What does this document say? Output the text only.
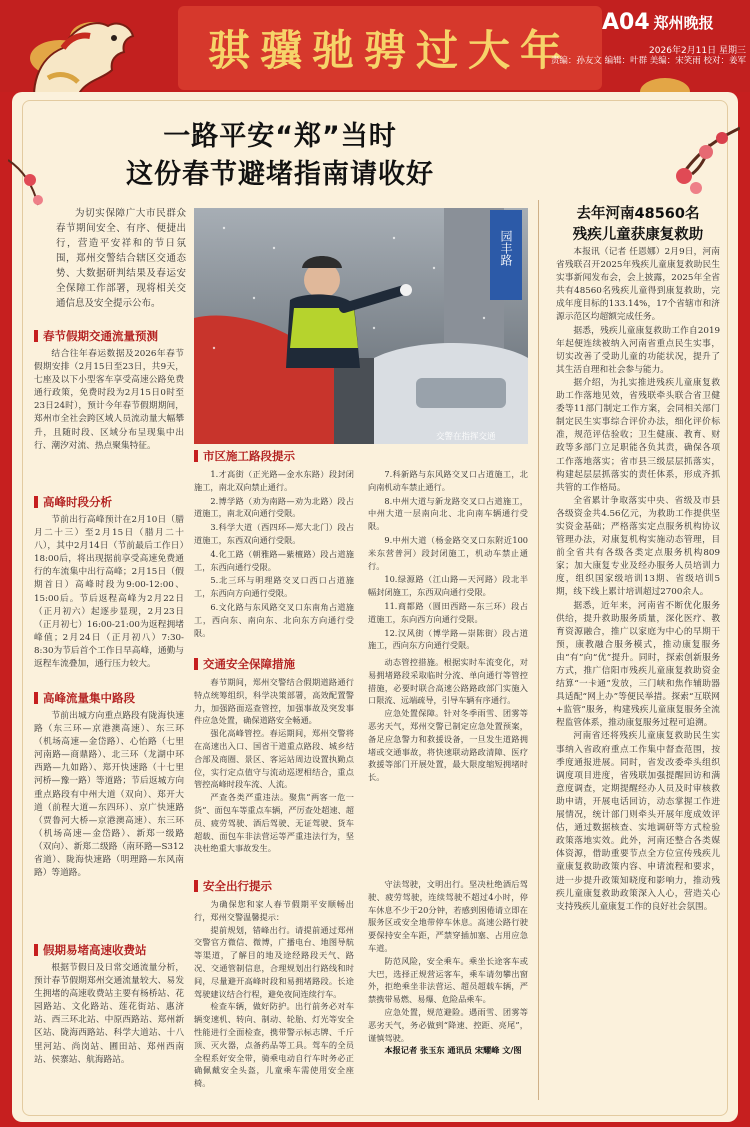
骐骥驰骋过大年
A04 郑州晚报
2026年2月11日 星期三
责编：孙友文 编辑：叶群 美编：宋笑雨 校对：姜军
一路平安“郑”当时
这份春节避堵指南请收好
为切实保障广大市民群众春节期间安全、有序、便捷出行，营造平安祥和的节日氛围，郑州交警结合辖区交通态势、大数据研判结果及春运安全保障工作部署，现将相关交通信息及安全提示公布。
园丰路
交警在指挥交通
春节假期交通流量预测

结合往年春运数据及2026年春节假期安排（2月15日至23日，共9天，七座及以下小型客车享受高速公路免费通行政策，免费时段为2月15日0时至23日24时），预计今年春节假期期间，郑州市全社会跨区域人员流动量大幅攀升，且随时段、区域分布呈现集中出行、潮汐对流、热点聚集特征。

高峰时段分析

节前出行高峰预计在2月10日（腊月二十三）至2月15日（腊月二十八），其中2月14日（节前最后工作日）18:00后，将出现据前享受高速免费通行的车流集中出行高峰；2月15日（假期首日）高峰时段为9:00-12:00、15:00后。节后返程高峰为2月22日（正月初六）起逐步显现，2月23日（正月初七）16:00-21:00为返程拥堵峰值；2月24日（正月初八）7:30-8:30为节后首个工作日早高峰，通勤与返程车流叠加，通行压力较大。

高峰流量集中路段

节前出城方向重点路段有陇海快速路（东三环—京港澳高速）、东三环（机场高速—金岱路）、心怡路（七里河南路—商鼎路）、北三环（龙湖中环西路—九如路）、郑开快速路（十七里河桥—豫一路）等道路；节后返城方向重点路段有中州大道（双向）、郑开大道（前程大道—东四环）、京广快速路（贾鲁河大桥—京港澳高速）、东三环（机场高速—金岱路）、新郑一级路（双向）、新郑二级路（南环路—S312省道）、陇海快速路（明理路—东风南路）等道路。

假期易堵高速收费站

根据节假日及日常交通流量分析，预计春节假期郑州交通流量较大、易发生拥堵的高速收费站主要有杨桥站、花园路站、文化路站、莲花街站、惠济站、西三环北站、中原西路站、郑州新区站、陇海西路站、科学大道站、十八里河站、尚岗站、圃田站、郑州西南站、侯寨站、航海路站。

市区施工路段提示

1.才高街（正光路—金水东路）段封闭施工，南北双向禁止通行。

2.博学路（劝为南路—劝为北路）段占道施工，南北双向通行受限。

3.科学大道（西四环—郑大北门）段占道施工，东西双向通行受限。

4.化工路（朝雅路—紫檀路）段占道施工，东西向通行受限。

5.北三环与明理路交叉口西口占道施工，东西向方向通行受限。

6.文化路与东风路交叉口东南角占道施工，西向东、南向东、北向东方向通行受限。

7.科新路与东风路交叉口占道施工，北向南机动车禁止通行。

8.中州大道与新龙路交叉口占道施工，中州大道一层南向北、北向南车辆通行受限。

9.中州大道（杨金路交叉口东附近100米东营普河）段封闭施工，机动车禁止通行。

10.绿源路（江山路—天河路）段北半幅封闭施工，东西双向通行受限。

11.商都路（圆田西路—东三环）段占道施工，东向西方向通行受限。

12.汉风街（博学路—崇陈街）段占道施工，西向东方向通行受限。

交通安全保障措施

春节期间，郑州交警结合假期道路通行特点统筹组织，科学决策部署，高效配置警力，加强路面巡查管控，加强事故及突发事件应急处置，确保道路安全畅通。

强化高峰管控。春运期间，郑州交警将在高速出入口、国省干道重点路段、城乡结合部及商圈、景区、客运站周边设置执勤点位，实行定点值守与流动巡逻相结合，重点管控高峰时段车流、人流。

严查各类严重违法。聚焦“两客一危一货”、面包车等重点车辆，严厉查处超速、超员、疲劳驾驶、酒后驾驶、无证驾驶、货车超载、面包车非法营运等严重违法行为，坚决杜绝重大事故发生。

动态管控措施。根据实时车流变化，对易拥堵路段采取临时分流、单向通行等管控措施，必要时联合高速公路路政部门实施入口限流、远端疏导，引导车辆有序通行。

应急处置保障。针对冬季雨雪、团雾等恶劣天气，郑州交警已制定应急处置预案，备足应急警力和救援设备，一旦发生道路拥堵或交通事故，将快速联动路政清障、医疗救援等部门开展处置，最大限度缩短拥堵时长。

安全出行提示

为确保您和家人春节假期平安顺畅出行，郑州交警温馨提示：

提前规划，错峰出行。请提前通过郑州交警官方微信、微博，广播电台、地图导航等渠道，了解目的地及途经路段天气、路况、交通管制信息，合理规划出行路线和时间，尽量避开高峰时段和易拥堵路段。长途驾驶建议结合行程，避免夜间连续行车。

检查车辆，做好防护。出行前务必对车辆变速机、转向、制动、轮胎、灯光等安全性能进行全面检查，携带警示标志牌、千斤顶、灭火器，点备药品等工具。驾车的全员全程系好安全带，骑乘电动自行车时务必正确佩戴安全头盔，儿童乘车需使用安全座椅。

守法驾驶，文明出行。坚决杜绝酒后驾驶、疲劳驾驶，连续驾驶不超过4小时，停车休息不少于20分钟，若感到困倦请立即在服务区或安全地带停车休息。高速公路行驶要保持安全车距，严禁穿插加塞、占用应急车道。

防范风险，安全乘车。乘坐长途客车或大巴，选择正规营运客车，乘车请勿攀出窗外，拒绝乘坐非法营运、超员超载车辆，严禁携带易燃、易爆、危险品乘车。

应急处置，规范避险。遇雨雪、团雾等恶劣天气，务必做到“降速、控距、亮尾”，谨慎驾驶。

本报记者 张玉东 通讯员 宋耀峰 文/图

去年河南48560名
残疾儿童获康复救助

本报讯（记者 任恩娜）2月9日，河南省残联召开2025年残疾儿童康复救助民生实事新闻发布会，会上披露，2025年全省共有48560名残疾儿童得到康复救助，完成年度目标的133.14%，17个省辖市和济源示范区均超额完成任务。

据悉，残疾儿童康复救助工作自2019年起便连续被纳入河南省重点民生实事，切实改善了受助儿童的功能状况，提升了其生活自理和社会参与能力。

据介绍，为扎实推进残疾儿童康复救助工作落地见效，省残联牵头联合省卫健委等11部门制定工作方案，会同相关部门制定民生实事综合评价办法，细化评价标准，规范评估验收；卫生健康、教育、财政等多部门立足职能各负其责，确保各项工作落地落实；省市县三级层层抓落实，构建起层层抓落实的责任体系，形成齐抓共管的工作格局。

全省累计争取落实中央、省级及市县各级资金共4.56亿元，为救助工作提供坚实资金基础；严格落实定点服务机构协议管理办法，对康复机构实施动态管理，目前全省共有各级各类定点服务机构809家；加大康复专业及经办服务人员培训力度，组织国家级培训13期、省级培训5期，线下线上累计培训超过2700余人。

据悉，近年来，河南省不断优化服务供给，提升救助服务质量，深化医疗、教育资源融合，推广以家庭为中心的早期干预，康教融合服务模式，推动康复服务由“有”向“优”提升。同时，探索创新服务方式，推广信阳市残疾儿童康复救助资金结算“一卡通”发放，三门峡和焦作辅助器具适配“网上办”等便民举措。探索“互联网+监管”服务，构建残疾儿童康复服务全流程监管体系，推动康复服务过程可追溯。

河南省还将残疾儿童康复救助民生实事纳入省政府重点工作集中督查范围，按季度通报进展。同时，省发改委牵头组织调度项目进度，省残联加强提醒回访和满意度调查，定期提醒经办人员及时审核救助申请，开展电话回访，动态掌握工作进展情况，统计部门则牵头开展年度成效评估，通过数据核查、实地调研等方式检验政策落地实效。此外，河南还整合各类媒体资源，借助重要节点全方位宣传残疾儿童康复救助政策内容、申请流程和要求，进一步提升政策知晓度和影响力，推动残疾儿童康复救助政策深入人心，营造关心支持残疾儿童康复工作的良好社会氛围。
